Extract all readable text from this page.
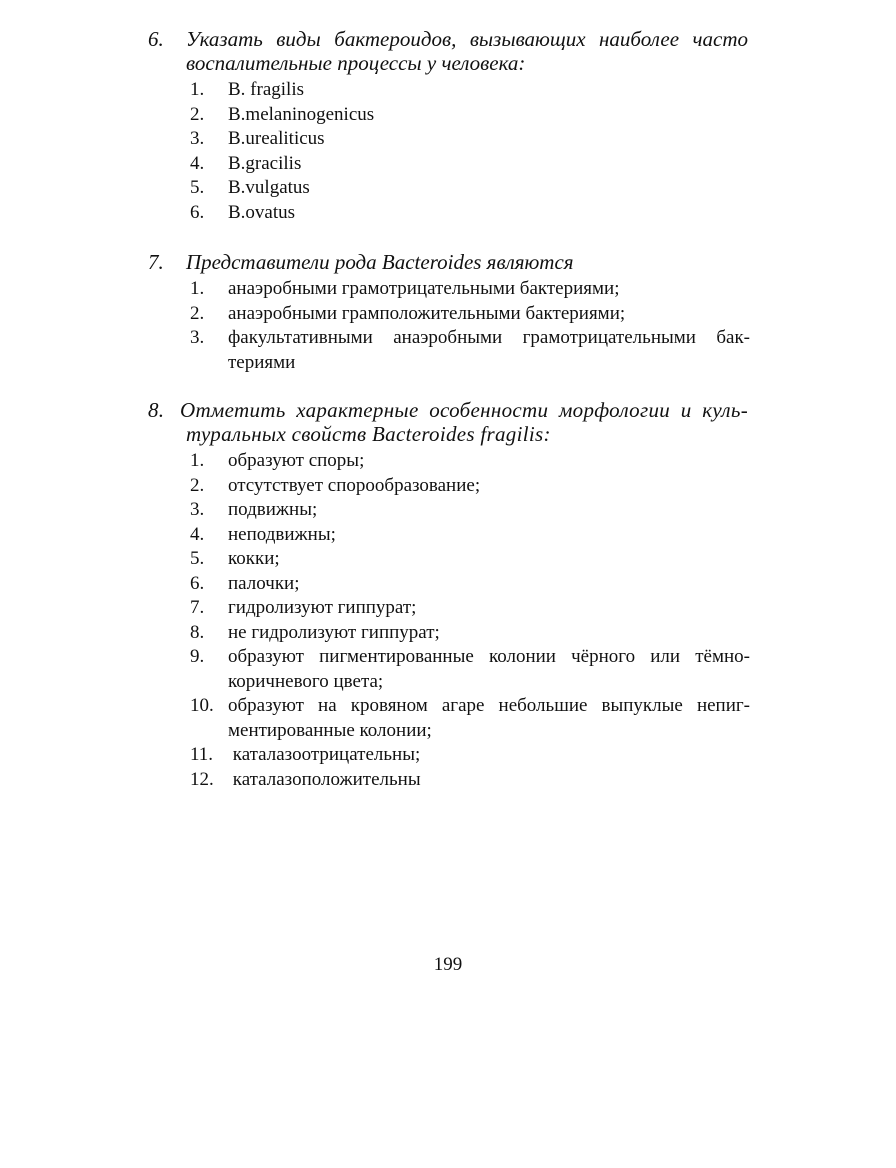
6.	Указать виды бактероидов, вызывающих наиболее часто
воспалительные процессы у человека:
1.	B. fragilis
2.	B.melaninogenicus
3.	B.urealiticus
4.	B.gracilis
5.	B.vulgatus
6.	B.ovatus
7.	Представители рода Bacteroides являются
1.	анаэробными грамотрицательными бактериями;
2.	анаэробными грамположительными бактериями;
3.	факультативными анаэробными грамотрицательными бак-
териями
8. Отметить характерные особенности морфологии и куль-
туральных свойств Bacteroides fragilis:
1.	образуют споры;
2.	отсутствует спорообразование;
3.	подвижны;
4.	неподвижны;
5.	кокки;
6.	палочки;
7.	гидролизуют гиппурат;
8.	не гидролизуют гиппурат;
9.	образуют пигментированные колонии чёрного или тёмно-
коричневого цвета;
10. образуют на кровяном агаре небольшие выпуклые непиг-
ментированные колонии;
11. каталазоотрицательны;
12. каталазоположительны
199
